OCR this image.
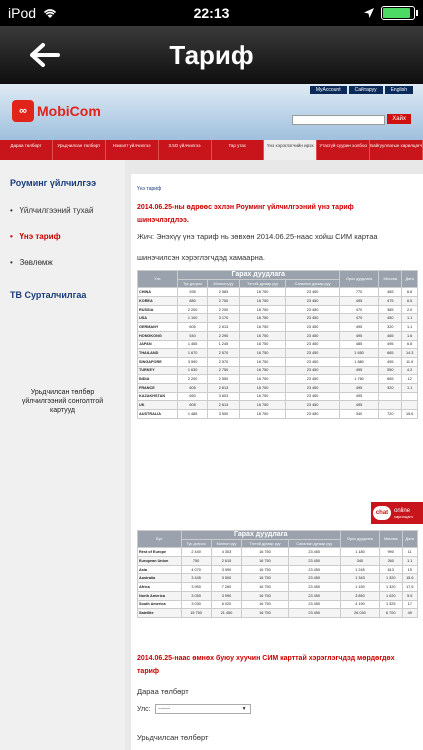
iPod	22:13
Тариф
∞ MobiCom
MyAccount	Сайтаруу	English
Хайх
Дараа төлбөрт	Урьдчилсан төлбөрт	Нэмэлт үйлчилгээ	3.5G үйлчилгээ	Гар утас	Үнэ хэрэглэгчийн ирэх	Утасгүй суурин холбоо Байгууллагын харилцагч
Роуминг үйлчилгээ
•   Үйлчилгээний тухай
•   Үнэ тариф
•   Зөвлөмж
ТВ Сурталчилгаа
Урьдчилсан төлбөр үйлчилгээний сонголтгой картууд
Үнэ тариф
2014.06.25-ны өдрөөс эхлэн Роуминг үйлчилгээний үнэ тариф шинэчлэгдлээ.
Жич: Энэхүү үнэ тариф нь зөвхөн 2014.06.25-наас хойш СИМ картаа
шинэчилсэн хэрэглэгчдэд хамаарна.
Улс	Гарах дуудлага				Орох дуудлага	Мессеж	Дата
	Тус дотроо	Монгол руу	Тэгтэй дугаар руу	Саналын дугаар руу			
CHINA	935	2 583	16 750	23 450	770	465	6.6
KOREA	880	2 750	16 750	23 450	495	475	6.5
RUSSIA	2 200	2 200	16 750	23 450	470	385	2.0
USA	1 100	3 170	16 750	23 450	470	450	1.1
GERMANY	605	2 613	16 750	23 450	495	320	1.1
HONGKONG	540	2 290	16 750	23 450	495	465	1.6
JAPAN	1 465	1 245	16 750	23 450	485	495	6.6
THAILAND	1 670	2 570	16 750	23 450	1 650	665	14.3
SINGAPORE	3 590	2 570	16 750	23 450	1 880	495	11.9
TURKEY	1 630	2 750	16 750	23 450	495	550	4.2
INDIA	2 200	2 550	16 750	23 450	1 760	665	12
FRANCE	605	2 613	16 750	23 450	495	320	1.1
KAZAKHSTAN	660	3 603	16 750	23 450	495		
UK	605	2 613	16 750	23 450	495		
AUSTRALIA	1 485	3 500	16 750	23 450	340	720	15.6
Бүс	Гарах дуудлага				Орох дуудлага	Мессеж	Дата
	Тус дотроо	Монгол руу	Тэгтэй дугаар руу	Саналын дугаар руу			
Rest of Europe	2 440	4 303	16 750	23 450	1 180	990	11
European Union	750	2 615	16 750	23 450	340	260	1.1
Asia	4 070	3 990	16 750	23 450	1 245	613	15
Australia	3 445	3 500	16 750	23 450	1 343	1 320	15.6
Africa	3 950	7 260	16 750	23 450	1 150	1 320	17.6
North America	3 050	3 990	16 750	23 450	3 850	1 020	5.5
South America	3 030	6 020	16 750	23 450	4 190	1 325	17
Satellite	15 750	21 450	16 750	23 450	26 030	6 700	49
2014.06.25-наас өмнөх буюу хуучин СИМ карттай хэрэглэгчдэд мөрдөгдөх тариф
Дараа төлбөрт
Улс: -------	▼
Урьдчилсан төлбөрт
chat online
харилцагч
